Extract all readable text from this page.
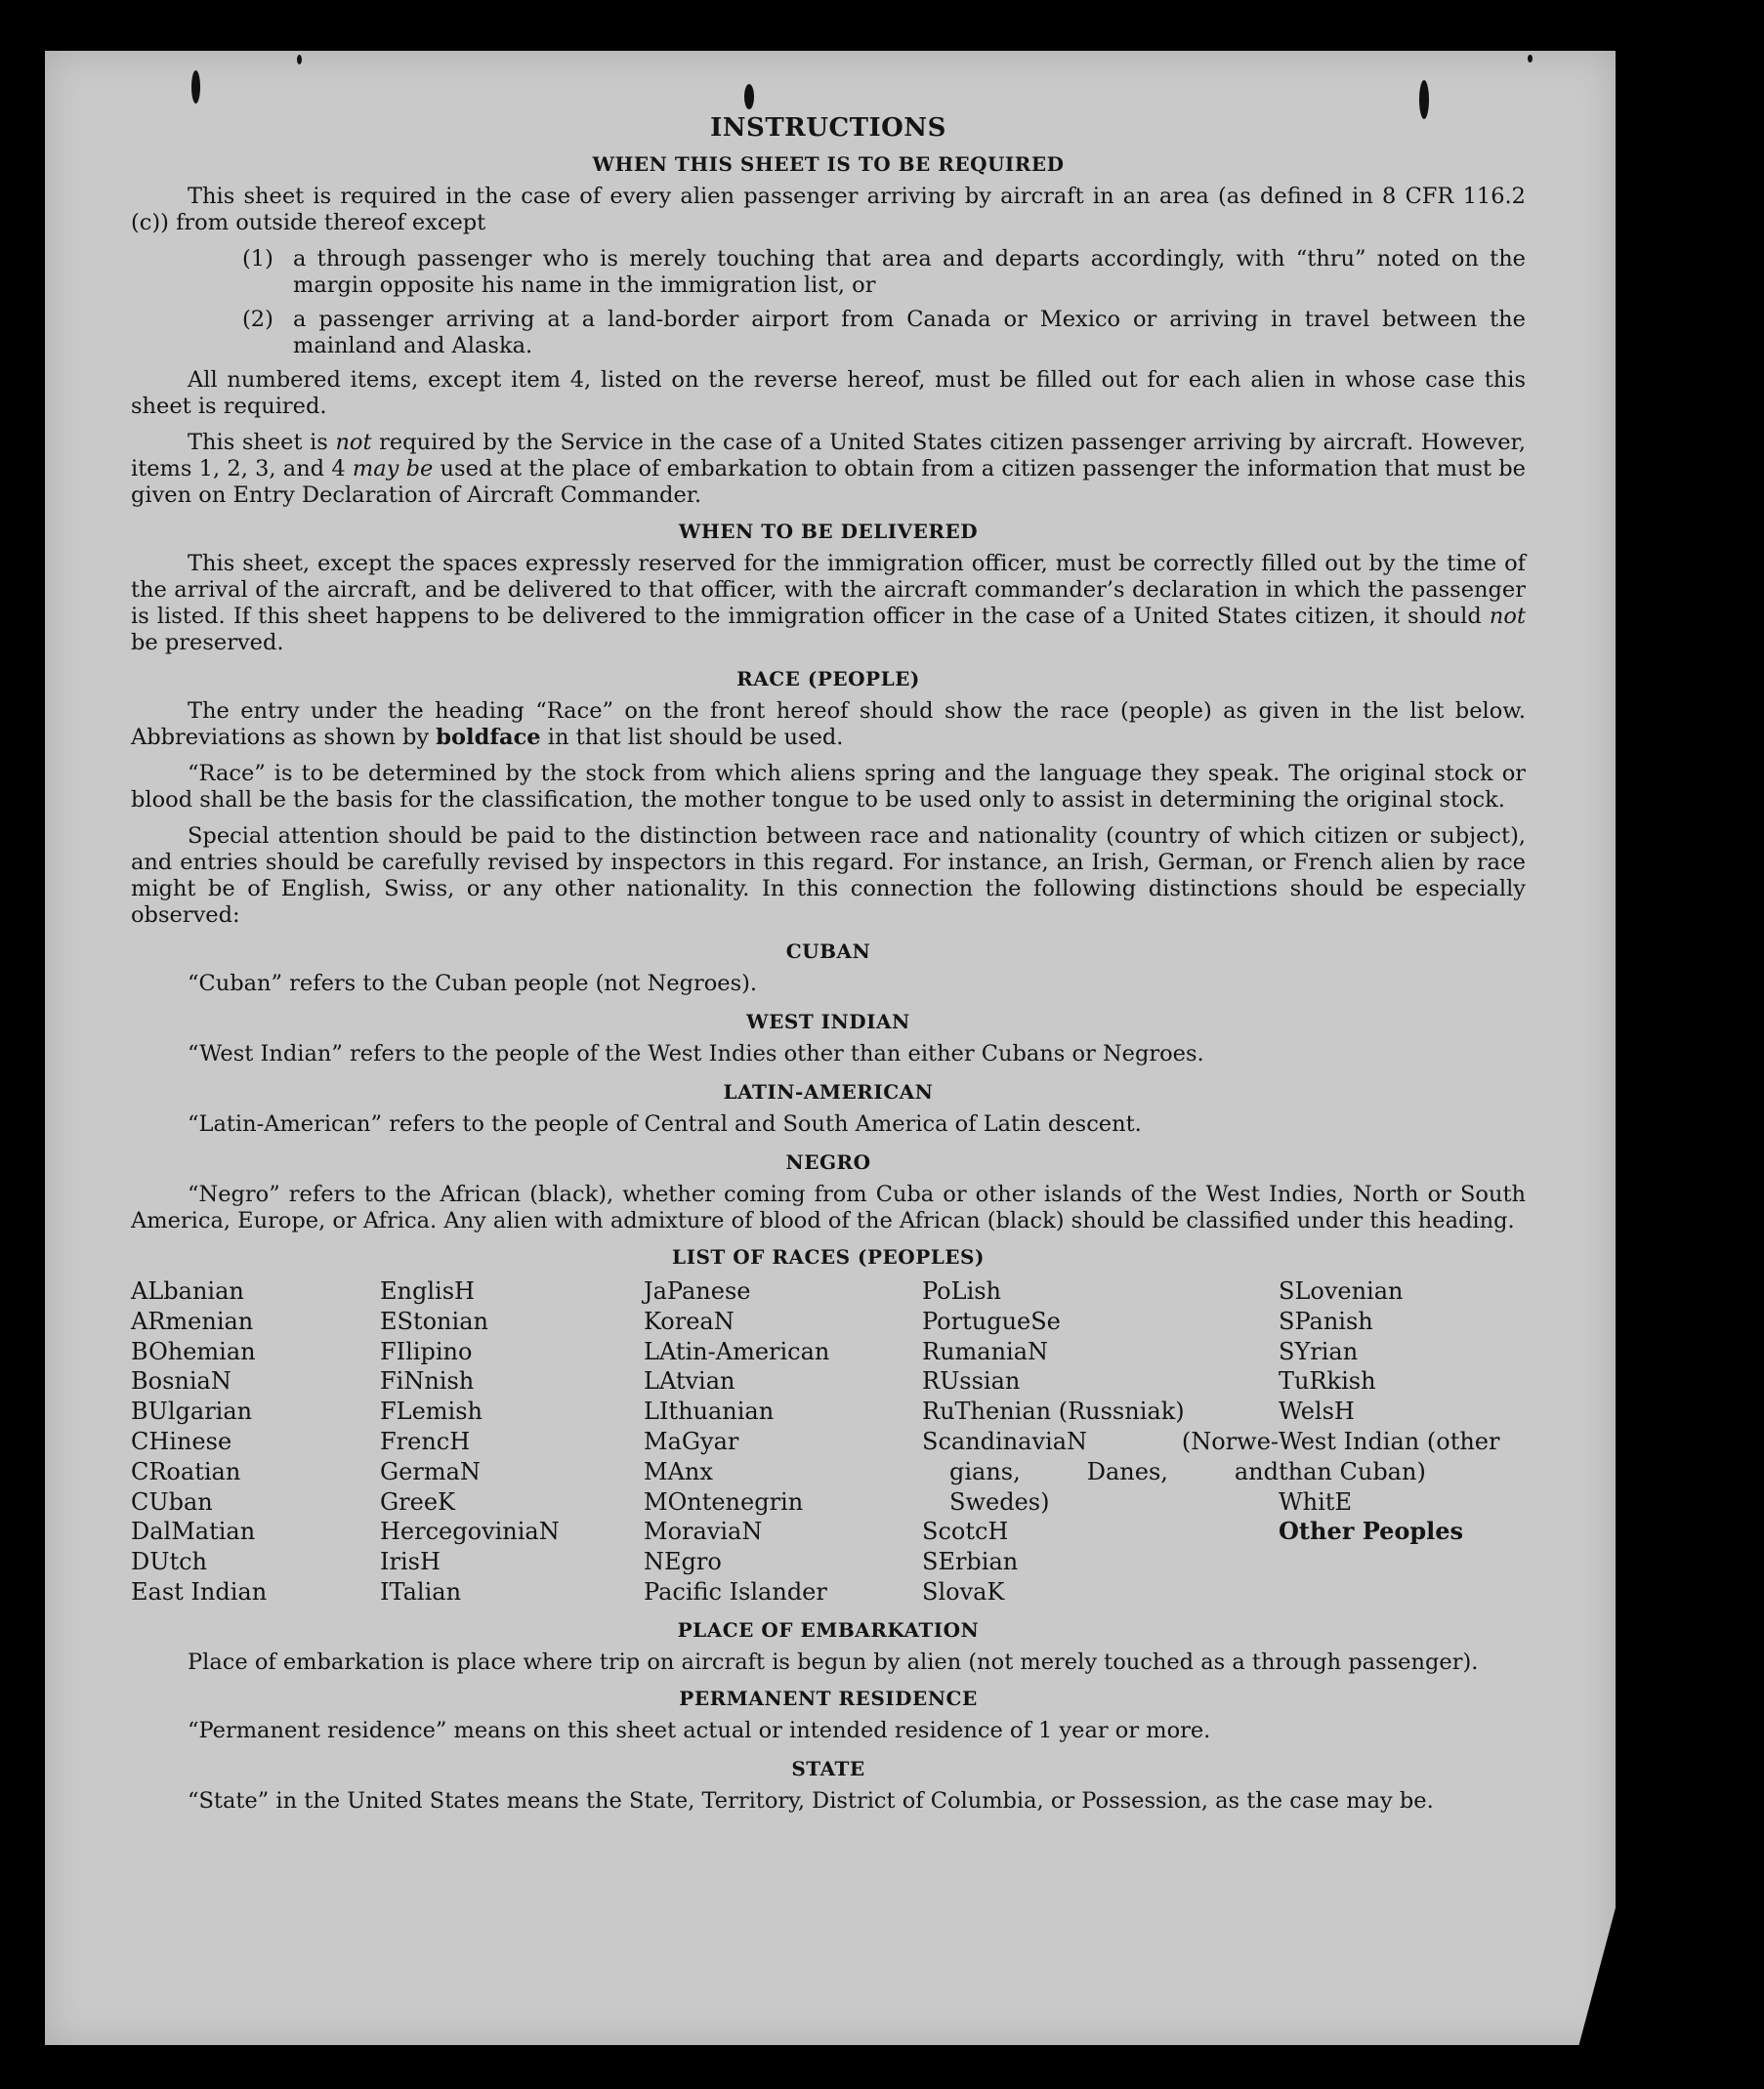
INSTRUCTIONS
WHEN THIS SHEET IS TO BE REQUIRED

This sheet is required in the case of every alien passenger arriving by aircraft in an area (as defined in 8 CFR 116.2 (c)) from outside thereof except

(1) a through passenger who is merely touching that area and departs accordingly, with “thru” noted on the margin opposite his name in the immigration list, or
(2) a passenger arriving at a land-border airport from Canada or Mexico or arriving in travel between the mainland and Alaska.

All numbered items, except item 4, listed on the reverse hereof, must be filled out for each alien in whose case this sheet is required.

This sheet is not required by the Service in the case of a United States citizen passenger arriving by aircraft. However, items 1, 2, 3, and 4 may be used at the place of embarkation to obtain from a citizen passenger the information that must be given on Entry Declaration of Aircraft Commander.

WHEN TO BE DELIVERED

This sheet, except the spaces expressly reserved for the immigration officer, must be correctly filled out by the time of the arrival of the aircraft, and be delivered to that officer, with the aircraft commander’s declaration in which the passenger is listed. If this sheet happens to be delivered to the immigration officer in the case of a United States citizen, it should not be preserved.

RACE (PEOPLE)

The entry under the heading “Race” on the front hereof should show the race (people) as given in the list below. Abbreviations as shown by boldface in that list should be used.

“Race” is to be determined by the stock from which aliens spring and the language they speak. The original stock or blood shall be the basis for the classification, the mother tongue to be used only to assist in determining the original stock.

Special attention should be paid to the distinction between race and nationality (country of which citizen or subject), and entries should be carefully revised by inspectors in this regard. For instance, an Irish, German, or French alien by race might be of English, Swiss, or any other nationality. In this connection the following distinctions should be especially observed:

CUBAN
“Cuban” refers to the Cuban people (not Negroes).
WEST INDIAN
“West Indian” refers to the people of the West Indies other than either Cubans or Negroes.
LATIN-AMERICAN
“Latin-American” refers to the people of Central and South America of Latin descent.
NEGRO

“Negro” refers to the African (black), whether coming from Cuba or other islands of the West Indies, North or South America, Europe, or Africa. Any alien with admixture of blood of the African (black) should be classified under this heading.

LIST OF RACES (PEOPLES)
ALbanian
ARmenian
BOhemian
BosniaN
BUlgarian
CHinese
CRoatian
CUban
DalMatian
DUtch
East Indian
EnglisH
EStonian
FIlipino
FiNnish
FLemish
FrencH
GermaN
GreeK
HercegoviniaN
IrisH
ITalian
JaPanese
KoreaN
LAtin-American
LAtvian
LIthuanian
MaGyar
MAnx
MOntenegrin
MoraviaN
NEgro
Pacific Islander
PoLish
PortugueSe
RumaniaN
RUssian
RuThenian (Russniak)
ScandinaviaN (Norwe-
gians, Danes, and
Swedes)
ScotcH
SErbian
SlovaK
SLovenian
SPanish
SYrian
TuRkish
WelsH
West Indian (other
than Cuban)
WhitE
Other Peoples
PLACE OF EMBARKATION

Place of embarkation is place where trip on aircraft is begun by alien (not merely touched as a through passenger).

PERMANENT RESIDENCE
“Permanent residence” means on this sheet actual or intended residence of 1 year or more.
STATE

“State” in the United States means the State, Territory, District of Columbia, or Possession, as the case may be.
